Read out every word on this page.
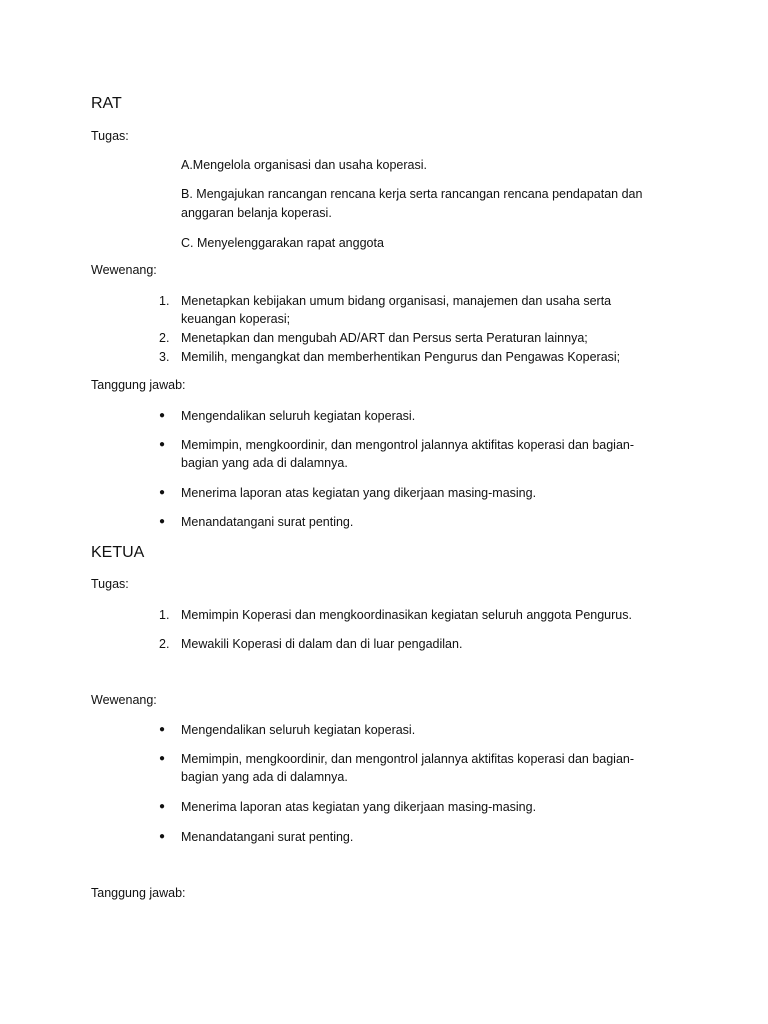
RAT
Tugas:
A.Mengelola organisasi dan usaha koperasi.
B. Mengajukan rancangan rencana kerja serta rancangan rencana pendapatan dan anggaran belanja koperasi.
C. Menyelenggarakan rapat anggota
Wewenang:
1. Menetapkan kebijakan umum bidang organisasi, manajemen dan usaha serta keuangan koperasi;
2. Menetapkan dan mengubah AD/ART dan Persus serta Peraturan lainnya;
3. Memilih, mengangkat dan memberhentikan Pengurus dan Pengawas Koperasi;
Tanggung jawab:
●	Mengendalikan seluruh kegiatan koperasi.
●	Memimpin, mengkoordinir, dan mengontrol jalannya aktifitas koperasi dan bagian-bagian yang ada di dalamnya.
●	Menerima laporan atas kegiatan yang dikerjaan masing-masing.
●	Menandatangani surat penting.
KETUA
Tugas:
1. Memimpin Koperasi dan mengkoordinasikan kegiatan seluruh anggota Pengurus.
2. Mewakili Koperasi di dalam dan di luar pengadilan.
Wewenang:
●	Mengendalikan seluruh kegiatan koperasi.
●	Memimpin, mengkoordinir, dan mengontrol jalannya aktifitas koperasi dan bagian-bagian yang ada di dalamnya.
●	Menerima laporan atas kegiatan yang dikerjaan masing-masing.
●	Menandatangani surat penting.
Tanggung jawab:
